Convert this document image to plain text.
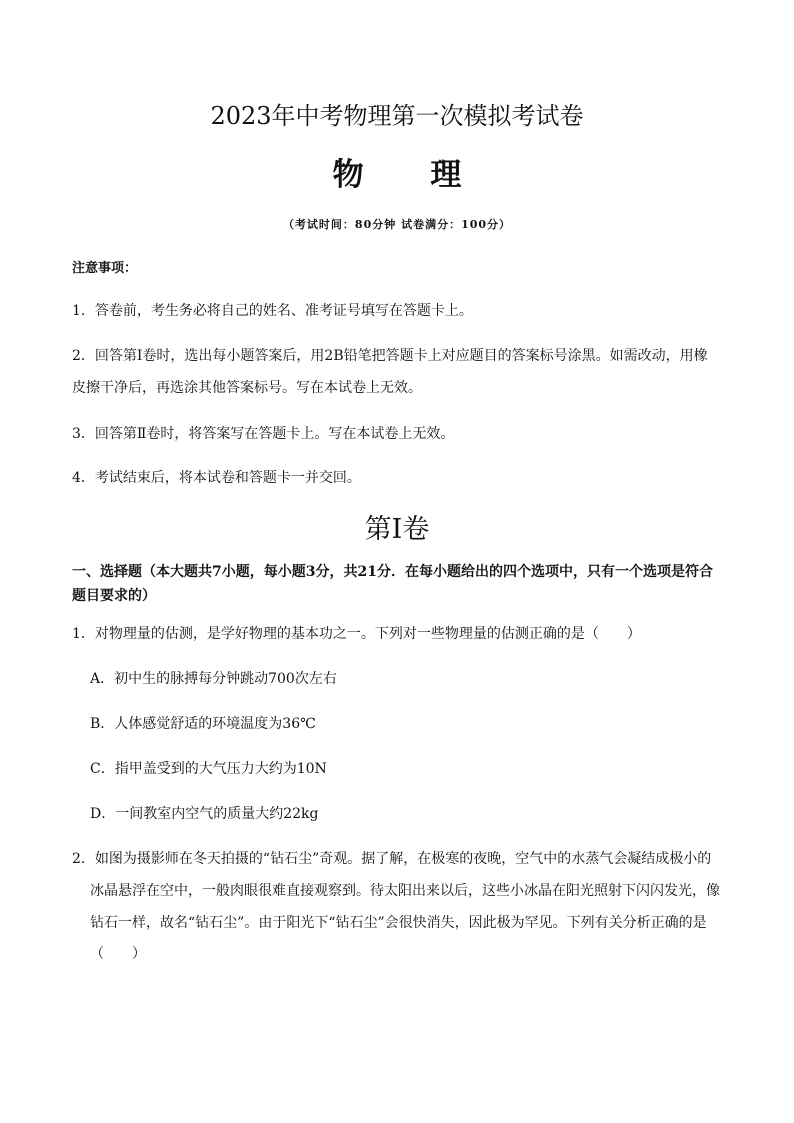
2023年中考物理第一次模拟考试卷
物 理
（考试时间：80分钟 试卷满分：100分）
注意事项：
1．答卷前，考生务必将自己的姓名、准考证号填写在答题卡上。
2．回答第Ⅰ卷时，选出每小题答案后，用2B铅笔把答题卡上对应题目的答案标号涂黑。如需改动，用橡
皮擦干净后，再选涂其他答案标号。写在本试卷上无效。
3．回答第Ⅱ卷时，将答案写在答题卡上。写在本试卷上无效。
4．考试结束后，将本试卷和答题卡一并交回。
第Ⅰ卷
一、选择题（本大题共7小题，每小题3分，共21分．在每小题给出的四个选项中，只有一个选项是符合
题目要求的）
1．对物理量的估测，是学好物理的基本功之一。下列对一些物理量的估测正确的是（　　）
A．初中生的脉搏每分钟跳动700次左右
B．人体感觉舒适的环境温度为36℃
C．指甲盖受到的大气压力大约为10N
D．一间教室内空气的质量大约22kg
2．如图为摄影师在冬天拍摄的“钻石尘”奇观。据了解，在极寒的夜晚，空气中的水蒸气会凝结成极小的
冰晶悬浮在空中，一般肉眼很难直接观察到。待太阳出来以后，这些小冰晶在阳光照射下闪闪发光，像
钻石一样，故名“钻石尘”。由于阳光下“钻石尘”会很快消失，因此极为罕见。下列有关分析正确的是
（　　）
